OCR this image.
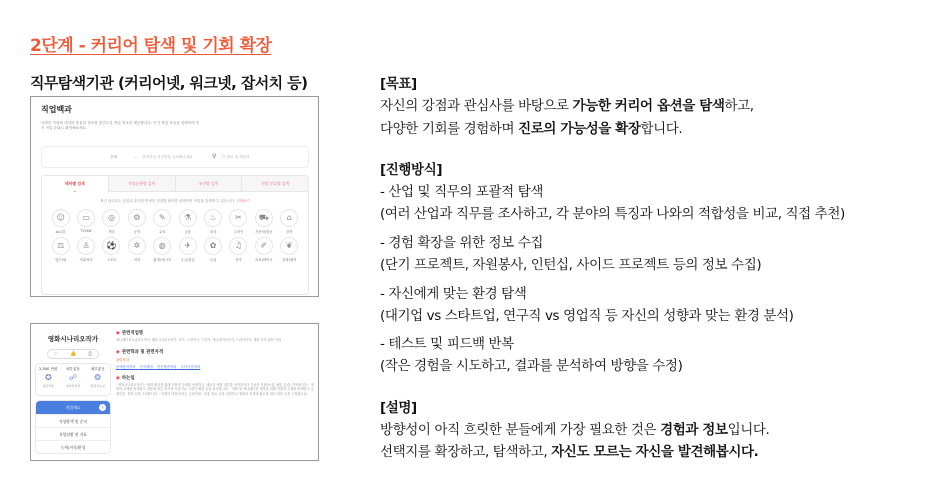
2단계 - 커리어 탐색 및 기회 확장
직무탐색기관 (커리어넷, 워크넷, 잡서치 등)
직업백과
다양한 직업에 대하여 충분한 정보를 갖추도록 직업 정보를 제공합니다. 인기 직업 목록을 선택하여 인기 직업 순위도 확인해보세요.
전체	⌄ 검색하실 직업명을 입력해주세요	⚲ ☐ 결과 내 재검색
테마별 검색 ⌄	적성유형별 검색	조건별 검색	직업 분류별 검색
최근 대두되는 관심과 흥미를 반영한 직업별 테마를 선택하여 직업을 검색할 수 있습니다. 전체보기
☺
AI로봇
▭
TV/SW
◎
게임
⚙
공학
✎
교육
⚗
금융
♨
외식
✂
디자인
⛟
자동차/항공
⌂
건축
⚖
법/사회
♙
사회복지
⚽
스포츠
✲
의학
◍
환경/에너지
✈
우주/항공
✿
농업
♫
음악
✐
의료/바이오
❦
관광/레저
영화시나리오작가
☆ 👍 ⎙
2,500 만원
✪
평균연봉
매우좋음
☍
일자리전망
매우좋음
❂
발전가능성
직업개요 ›
적성탐색 및 준비
직업현황 및 지표
능력/지식/환경
◉ 관련직업명
애니메이션시나리오작가, 웹툰시나리오작가, 작가, 구성작가, 극작가, 애니메이션작가, 드라마작가, 게임 작가 관련 직업
◉ 관련학과 및 관련자격
관련학과
문예창작학과 문학계열 신문방송학과 국어국문학과
◉ 하는일
· 영화시나리오작가는 영화 제작을 위해 작품의 주제를 선정하고, 새로운 영화 대본을 창작하거나 기존의 작품(소설, 웹툰 등)을 각색합니다. · 영화의 주제를 선택하고 내용에 따른 역사적 사실이나 시대의 배경 등을 조사합니다. · 영화 및 애니메이션 제작을 위해 작품의 주제를 선택하고 등장인물, 장면 등을 구성합니다. · 작품의 내용에 따른 등장인물, 시대, 장소 등을 설정하고 영화의 전개에 필요한 대사 내용 등을 구성합니다.
[목표]
자신의 강점과 관심사를 바탕으로 가능한 커리어 옵션을 탐색하고,
다양한 기회를 경험하며 진로의 가능성을 확장합니다.
[진행방식]
- 산업 및 직무의 포괄적 탐색
(여러 산업과 직무를 조사하고, 각 분야의 특징과 나와의 적합성을 비교, 직접 추천)
- 경험 확장을 위한 정보 수집
(단기 프로젝트, 자원봉사, 인턴십, 사이드 프로젝트 등의 정보 수집)
- 자신에게 맞는 환경 탐색
(대기업 vs 스타트업, 연구직 vs 영업직 등 자신의 성향과 맞는 환경 분석)
- 테스트 및 피드백 반복
(작은 경험을 시도하고, 결과를 분석하여 방향을 수정)
[설명]
방향성이 아직 흐릿한 분들에게 가장 필요한 것은 경험과 정보입니다.
선택지를 확장하고, 탐색하고, 자신도 모르는 자신을 발견해봅시다.
